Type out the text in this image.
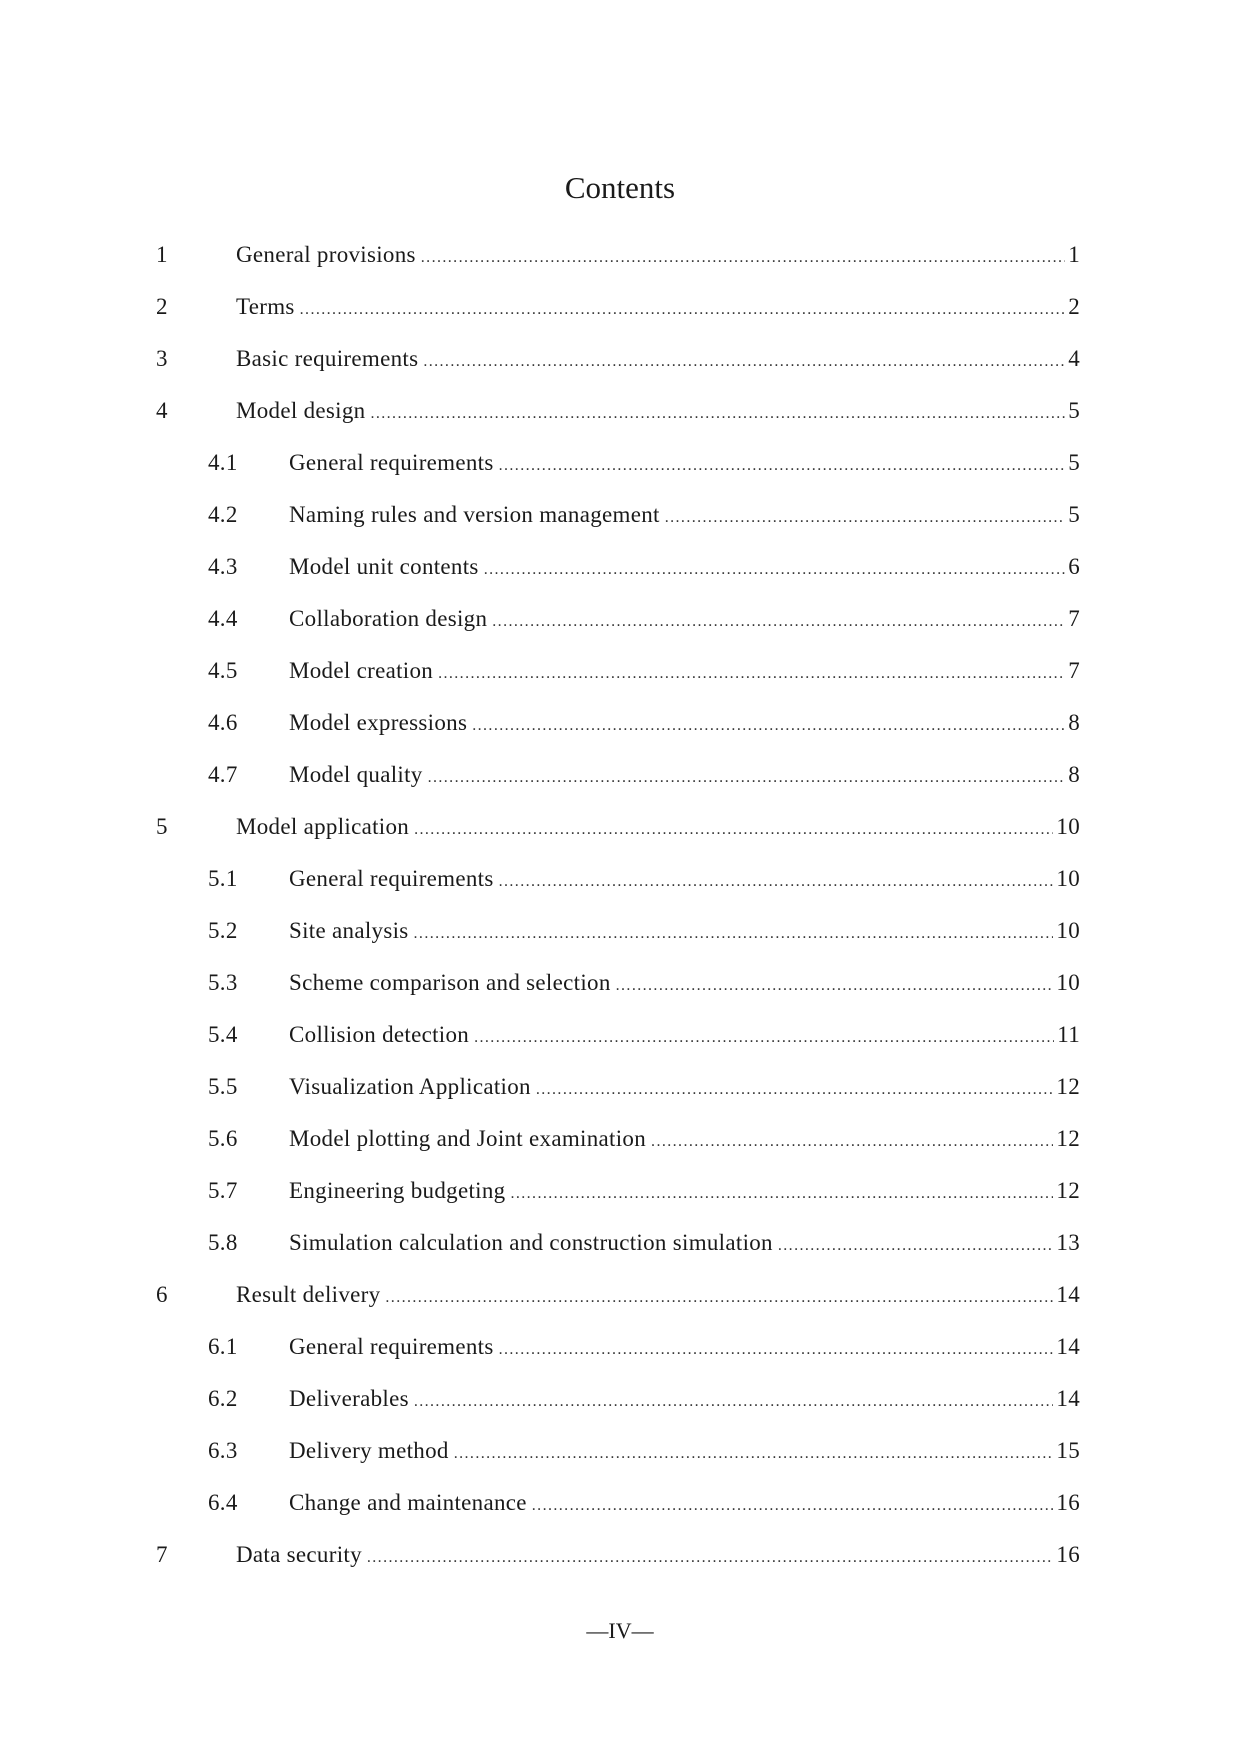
Contents
1	General provisions .....	1
2	Terms .....	2
3	Basic requirements .....	4
4	Model design .....	5
4.1 General requirements .....	5
4.2 Naming rules and version management .....	5
4.3 Model unit contents .....	6
4.4 Collaboration design .....	7
4.5 Model creation .....	7
4.6 Model expressions .....	8
4.7 Model quality .....	8
5	Model application .....	10
5.1 General requirements .....	10
5.2 Site analysis .....	10
5.3 Scheme comparison and selection .....	10
5.4 Collision detection .....	11
5.5 Visualization Application .....	12
5.6 Model plotting and Joint examination .....	12
5.7 Engineering budgeting .....	12
5.8 Simulation calculation and construction simulation .....	13
6	Result delivery .....	14
6.1 General requirements .....	14
6.2 Deliverables .....	14
6.3 Delivery method .....	15
6.4 Change and maintenance .....	16
7	Data security .....	16
—IV—
